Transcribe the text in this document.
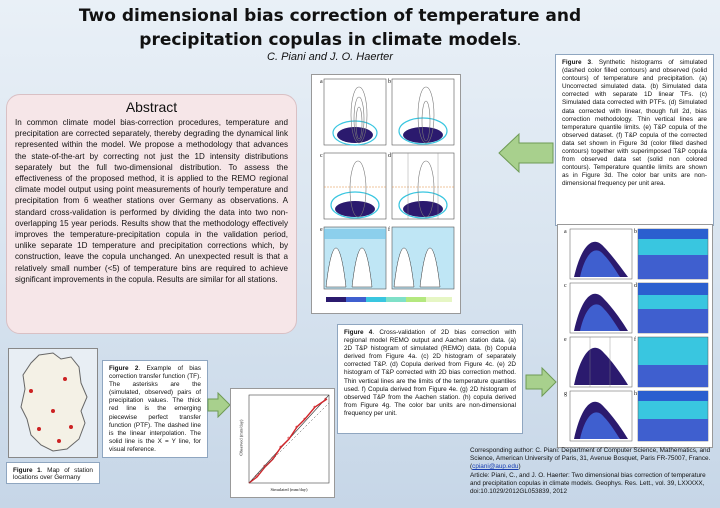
Two dimensional bias correction of temperature and precipitation copulas in climate models.
C. Piani and J. O. Haerter
Abstract
In common climate model bias-correction procedures, temperature and precipitation are corrected separately, thereby degrading the dynamical link represented within the model. We propose a methodology that advances the state-of-the-art by correcting not just the 1D intensity distributions separately but the full two-dimensional distribution. To assess the effectiveness of the proposed method, it is applied to the REMO regional climate model output using point measurements of hourly temperature and precipitation from 6 weather stations over Germany as observations. A standard cross-validation is performed by dividing the data into two non-overlapping 15 year periods. Results show that the methodology effectively improves the temperature-precipitation copula in the validation period, unlike separate 1D temperature and precipitation corrections which, by construction, leave the copula unchanged. An unexpected result is that a relatively small number (<5) of temperature bins are required to achieve significant improvements in the copula. Results are similar for all stations.
a	b
c	d
e	f
Figure 3. Synthetic histograms of simulated (dashed color filled contours) and observed (solid contours) of temperature and precipitation. (a) Uncorrected simulated data. (b) Simulated data corrected with separate 1D linear TFs. (c) Simulated data corrected with PTFs. (d) Simulated data corrected with linear, though full 2d, bias correction methodology. Thin vertical lines are temperature quantile limits. (e) T&P copula of the observed dataset. (f) T&P copula of the corrected data set shown in Figure 3d (color filled dashed contours) together with superimposed T&P copula from observed data set (solid non colored contours). Temperature quantile limits are shown as in Figure 3d. The color bar units are non-dimensional frequency per unit area.
a	b
c	d
e	f
g	h
Figure 4. Cross-validation of 2D bias correction with regional model REMO output and Aachen station data. (a) 2D T&P histogram of simulated (REMO) data. (b) Copula derived from Figure 4a. (c) 2D histogram of separately corrected T&P. (d) Copula derived from Figure 4c. (e) 2D histogram of T&P corrected with 2D bias correction method. Thin vertical lines are the limits of the temperature quantiles used. f) Copula derived from Figure 4e. (g) 2D histogram of observed T&P from the Aachen station. (h) copula derived from Figure 4g. The color bar units are non-dimensional frequency per unit.
Figure 1. Map of station locations over Germany
Figure 2. Example of bias correction transfer function (TF). The asterisks are the (simulated, observed) pairs of precipitation values. The thick red line is the emerging piecewise perfect transfer function (PTF). The dashed line is the linear interpolation. The solid line is the X = Y line, for visual reference.
*
*
*
*
*
*
*
*
*
Simulated (mm/day)
Observed (mm/day)	Corresponding author: C. Piani: Department of Computer Science, Mathematics, and Science, American University of Paris, 31, Avenue Bosquet, Paris FR-75007, France. (cpiani@aup.edu)
Article: Piani, C., and J. O. Haerter: Two dimensional bias correction of temperature and precipitation copulas in climate models. Geophys. Res. Lett., vol. 39, LXXXXX, doi:10.1029/2012GL053839, 2012
